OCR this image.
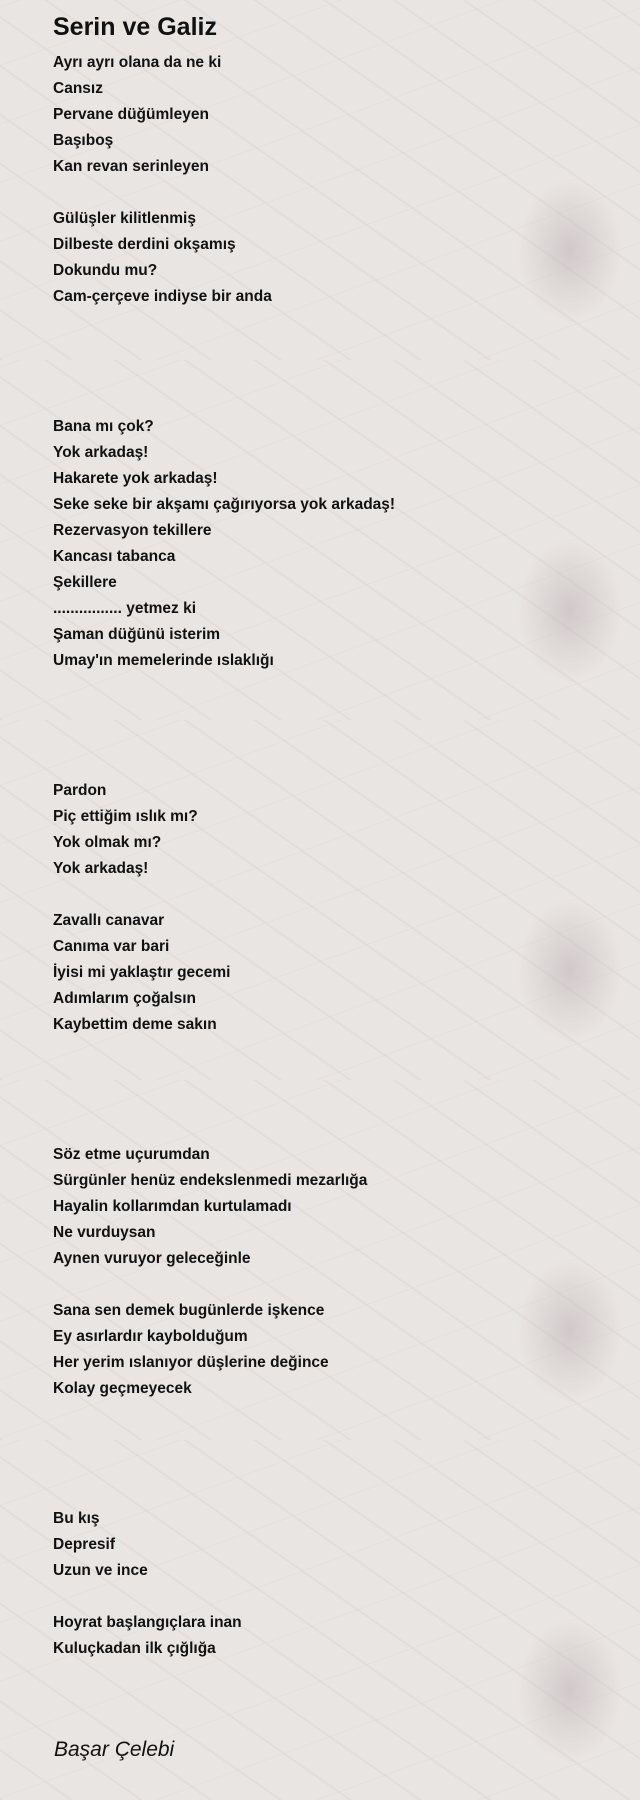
Serin ve Galiz
Ayrı ayrı olana da ne ki
Cansız
Pervane düğümleyen
Başıboş
Kan revan serinleyen
Gülüşler kilitlenmiş
Dilbeste derdini okşamış
Dokundu mu?
Cam-çerçeve indiyse bir anda
Bana mı çok?
Yok arkadaş!
Hakarete yok arkadaş!
Seke seke bir akşamı çağırıyorsa yok arkadaş!
Rezervasyon tekillere
Kancası tabanca
Şekillere
................ yetmez ki
Şaman düğünü isterim
Umay'ın memelerinde ıslaklığı
Pardon
Piç ettiğim ıslık mı?
Yok olmak mı?
Yok arkadaş!
Zavallı canavar
Canıma var bari
İyisi mi yaklaştır gecemi
Adımlarım çoğalsın
Kaybettim deme sakın
Söz etme uçurumdan
Sürgünler henüz endekslenmedi mezarlığa
Hayalin kollarımdan kurtulamadı
Ne vurduysan
Aynen vuruyor geleceğinle
Sana sen demek bugünlerde işkence
Ey asırlardır kaybolduğum
Her yerim ıslanıyor düşlerine değince
Kolay geçmeyecek
Bu kış
Depresif
Uzun ve ince
Hoyrat başlangıçlara inan
Kuluçkadan ilk çığlığa
Başar Çelebi
